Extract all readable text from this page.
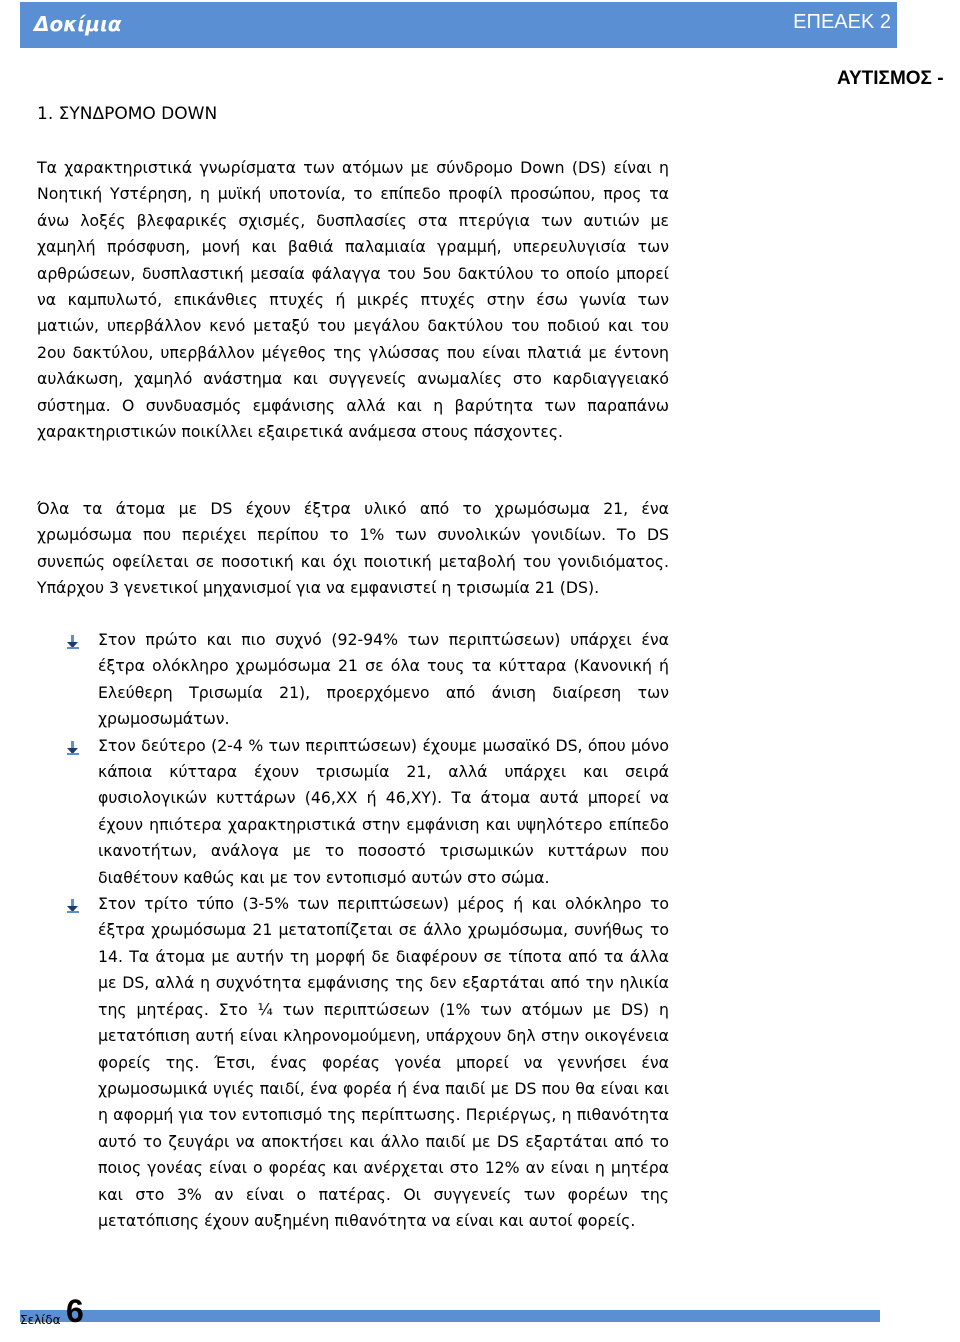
Δοκίμια	ΕΠΕΑΕΚ 2
ΑΥΤΙΣΜΟΣ -
1. ΣΥΝΔΡΟΜΟ DOWN
Τα χαρακτηριστικά γνωρίσματα των ατόμων με σύνδρομο Down (DS) είναι η Νοητική Υστέρηση, η μυϊκή υποτονία, το επίπεδο προφίλ προσώπου, προς τα άνω λοξές βλεφαρικές σχισμές, δυσπλασίες στα πτερύγια των αυτιών με χαμηλή πρόσφυση, μονή και βαθιά παλαμιαία γραμμή, υπερευλυγισία των αρθρώσεων, δυσπλαστική μεσαία φάλαγγα του 5ου δακτύλου το οποίο μπορεί να καμπυλωτό, επικάνθιες πτυχές ή μικρές πτυχές στην έσω γωνία των ματιών, υπερβάλλον κενό μεταξύ του μεγάλου δακτύλου του ποδιού και του 2ου δακτύλου, υπερβάλλον μέγεθος της γλώσσας που είναι πλατιά με έντονη αυλάκωση, χαμηλό ανάστημα και συγγενείς ανωμαλίες στο καρδιαγγειακό σύστημα. Ο συνδυασμός εμφάνισης αλλά και η βαρύτητα των παραπάνω χαρακτηριστικών ποικίλλει εξαιρετικά ανάμεσα στους πάσχοντες.
Όλα τα άτομα με DS έχουν έξτρα υλικό από το χρωμόσωμα 21, ένα χρωμόσωμα που περιέχει περίπου το 1% των συνολικών γονιδίων. Το DS συνεπώς οφείλεται σε ποσοτική και όχι ποιοτική μεταβολή του γονιδιόματος. Υπάρχου 3 γενετικοί μηχανισμοί για να εμφανιστεί η τρισωμία 21 (DS).
Στον πρώτο και πιο συχνό (92-94% των περιπτώσεων) υπάρχει ένα έξτρα ολόκληρο χρωμόσωμα 21 σε όλα τους τα κύτταρα (Κανονική ή Ελεύθερη Τρισωμία 21), προερχόμενο από άνιση διαίρεση των χρωμοσωμάτων.
Στον δεύτερο (2-4 % των περιπτώσεων) έχουμε μωσαϊκό DS, όπου μόνο κάποια κύτταρα έχουν τρισωμία 21, αλλά υπάρχει και σειρά φυσιολογικών κυττάρων (46,ΧΧ ή 46,ΧΥ). Τα άτομα αυτά μπορεί να έχουν ηπιότερα χαρακτηριστικά στην εμφάνιση και υψηλότερο επίπεδο ικανοτήτων, ανάλογα με το ποσοστό τρισωμικών κυττάρων που διαθέτουν καθώς και με τον εντοπισμό αυτών στο σώμα.
Στον τρίτο τύπο (3-5% των περιπτώσεων) μέρος ή και ολόκληρο το έξτρα χρωμόσωμα 21 μετατοπίζεται σε άλλο χρωμόσωμα, συνήθως το 14. Τα άτομα με αυτήν τη μορφή δε διαφέρουν σε τίποτα από τα άλλα με DS, αλλά η συχνότητα εμφάνισης της δεν εξαρτάται από την ηλικία της μητέρας. Στο ¼ των περιπτώσεων (1% των ατόμων με DS) η μετατόπιση αυτή είναι κληρονομούμενη, υπάρχουν δηλ στην οικογένεια φορείς της. Έτσι, ένας φορέας γονέα μπορεί να γεννήσει ένα χρωμοσωμικά υγιές παιδί, ένα φορέα ή ένα παιδί με DS που θα είναι και η αφορμή για τον εντοπισμό της περίπτωσης. Περιέργως, η πιθανότητα αυτό το ζευγάρι να αποκτήσει και άλλο παιδί με DS εξαρτάται από το ποιος γονέας είναι ο φορέας και ανέρχεται στο 12% αν είναι η μητέρα και στο 3% αν είναι ο πατέρας. Οι συγγενείς των φορέων της μετατόπισης έχουν αυξημένη πιθανότητα να είναι και αυτοί φορείς.
Σελίδα 6
